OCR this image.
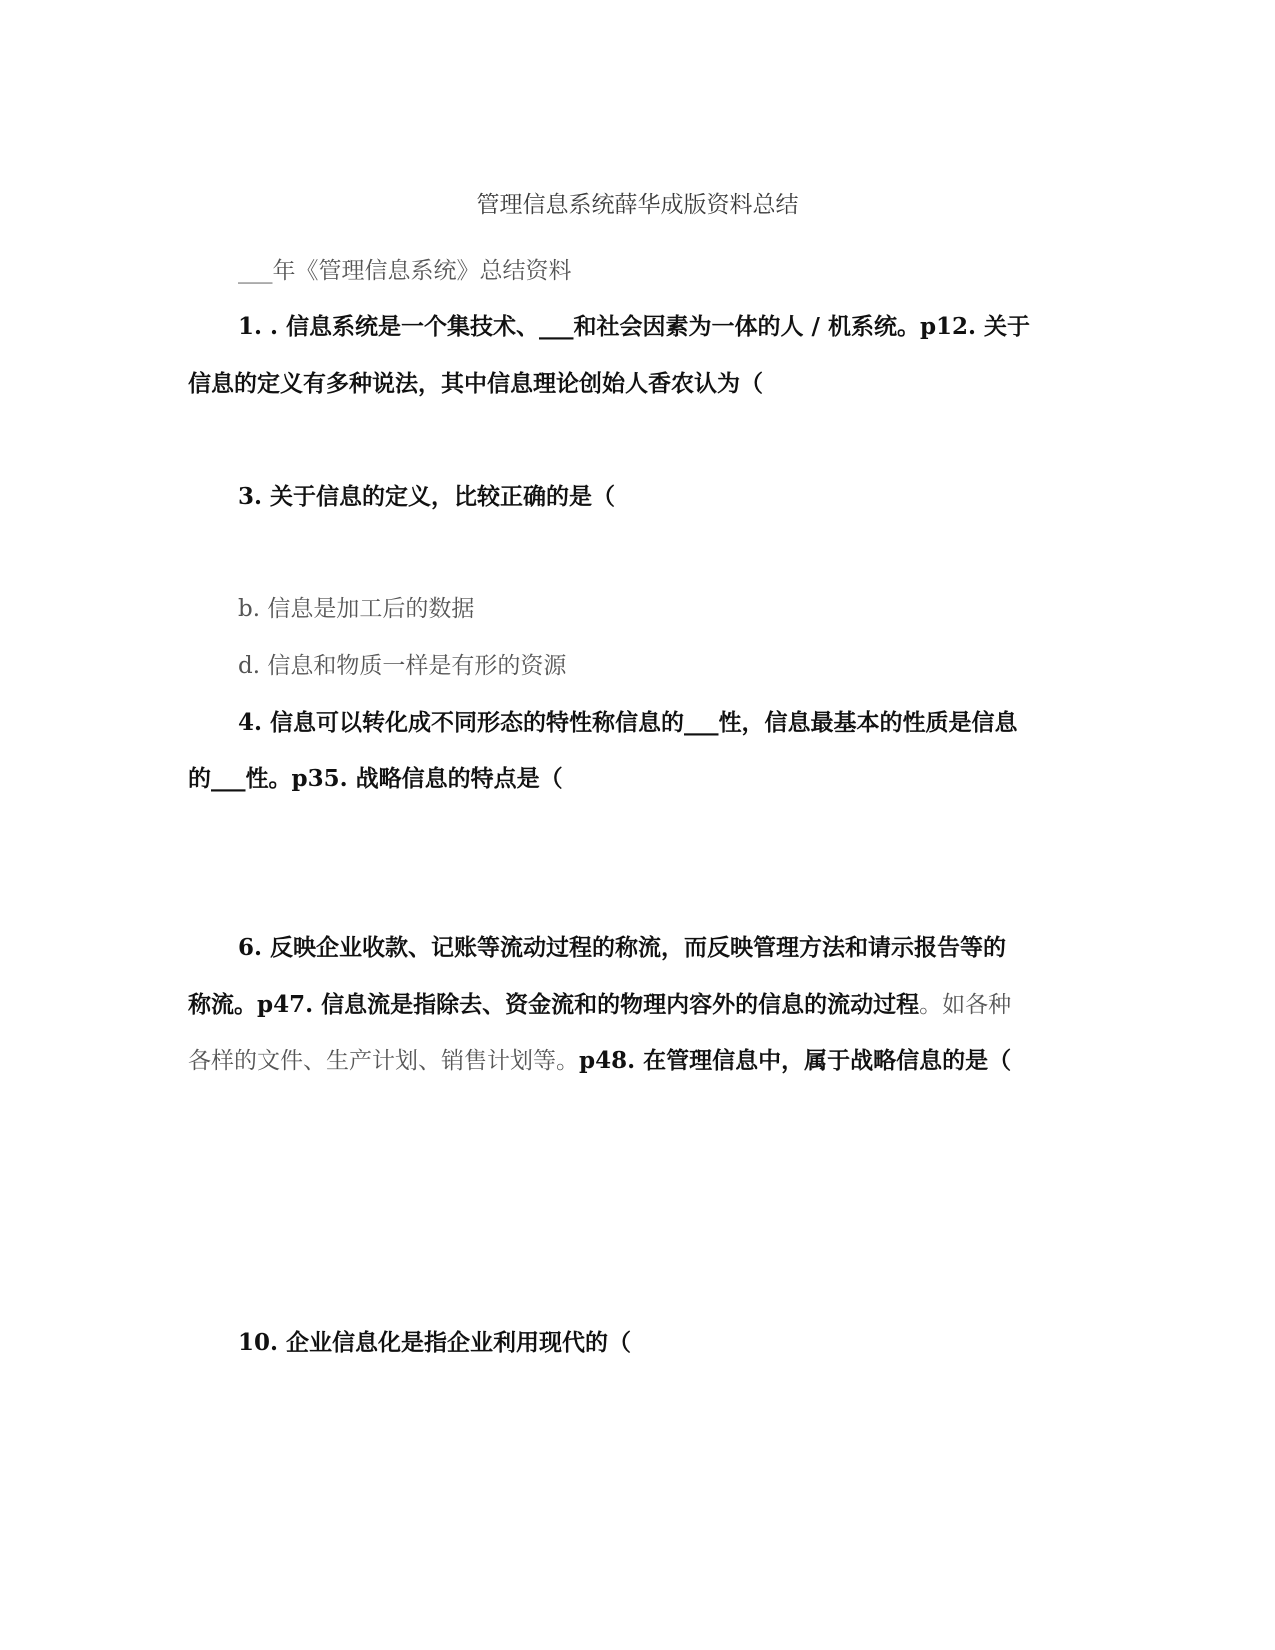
管理信息系统薛华成版资料总结
___年《管理信息系统》总结资料
1. . 信息系统是一个集技术、___和社会因素为一体的人 / 机系统。p12. 关于
信息的定义有多种说法，其中信息理论创始人香农认为（
3. 关于信息的定义，比较正确的是（
b. 信息是加工后的数据
d. 信息和物质一样是有形的资源
4. 信息可以转化成不同形态的特性称信息的___性，信息最基本的性质是信息
的___性。p35. 战略信息的特点是（
6. 反映企业收款、记账等流动过程的称流，而反映管理方法和请示报告等的
称流。p47. 信息流是指除去、资金流和的物理内容外的信息的流动过程。如各种
各样的文件、生产计划、销售计划等。p48. 在管理信息中，属于战略信息的是（
10. 企业信息化是指企业利用现代的（
